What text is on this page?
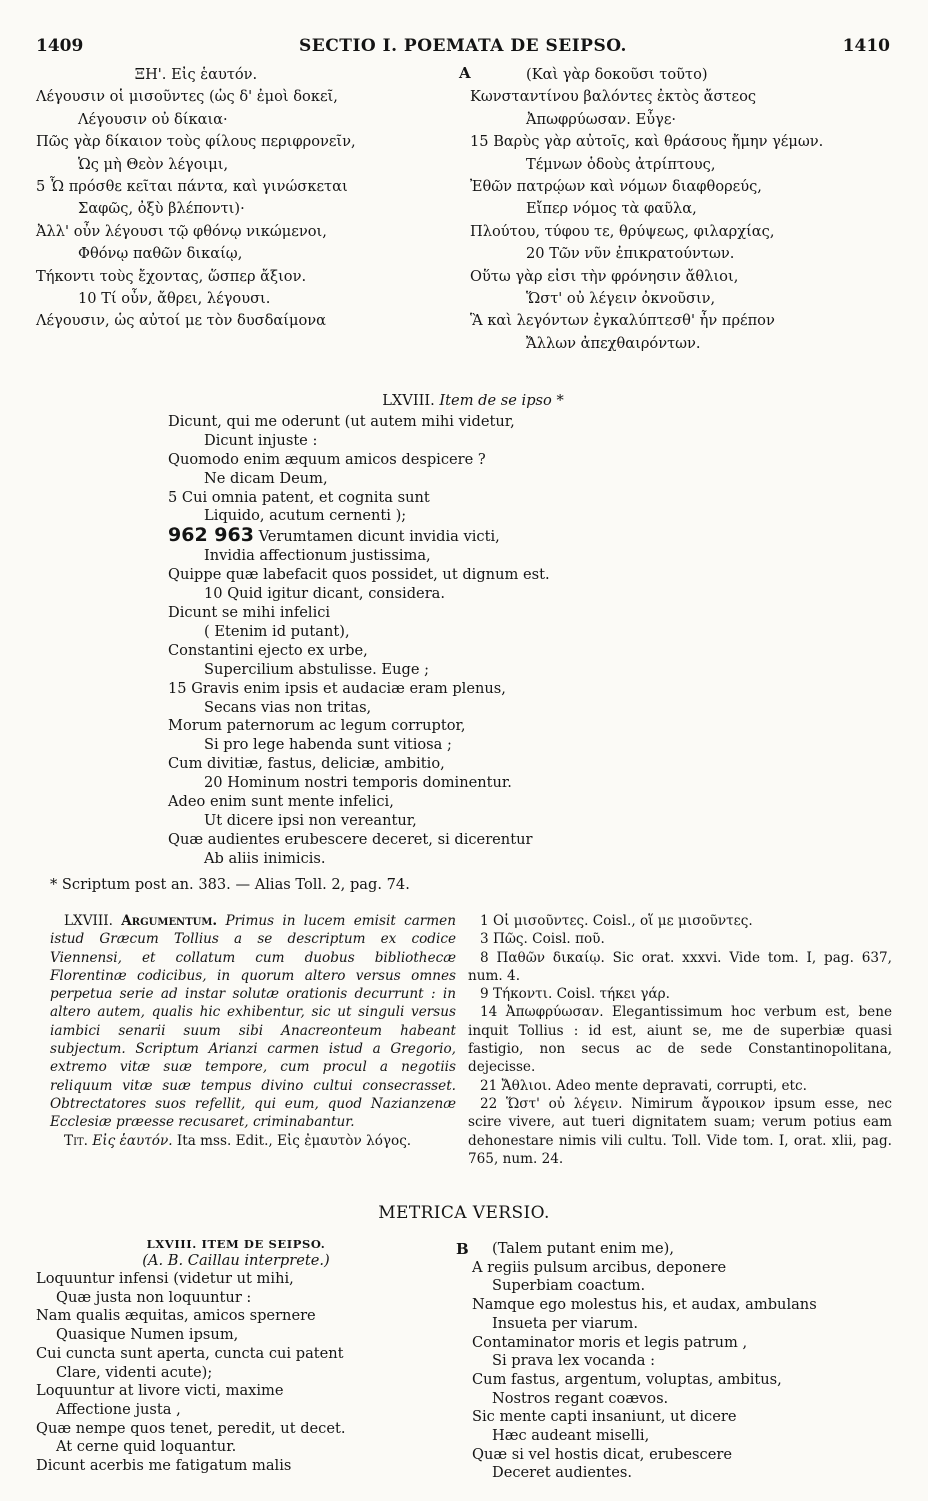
1409	SECTIO I. POEMATA DE SEIPSO.	1410
ΞΗ'. Εἰς ἑαυτόν.
Λέγουσιν οἱ μισοῦντες (ὡς δ' ἐμοὶ δοκεῖ,
Λέγουσιν οὐ δίκαια·
Πῶς γὰρ δίκαιον τοὺς φίλους περιφρονεῖν,
Ὡς μὴ Θεὸν λέγοιμι,
5 Ὧ πρόσθε κεῖται πάντα, καὶ γινώσκεται
Σαφῶς, ὀξὺ βλέποντι)·
Ἀλλ' οὖν λέγουσι τῷ φθόνῳ νικώμενοι,
Φθόνῳ παθῶν δικαίῳ,
Τήκοντι τοὺς ἔχοντας, ὥσπερ ἄξιον.
10 Τί οὖν, ἄθρει, λέγουσι.
Λέγουσιν, ὡς αὐτοί με τὸν δυσδαίμονα
A	(Καὶ γὰρ δοκοῦσι τοῦτο)
Κωνσταντίνου βαλόντες ἐκτὸς ἄστεος
Ἀπωφρύωσαν. Εὖγε·
15 Βαρὺς γὰρ αὐτοῖς, καὶ θράσους ἤμην γέμων.
Τέμνων ὁδοὺς ἀτρίπτους,
Ἐθῶν πατρῴων καὶ νόμων διαφθορεύς,
Εἴπερ νόμος τὰ φαῦλα,
Πλούτου, τύφου τε, θρύψεως, φιλαρχίας,
20 Τῶν νῦν ἐπικρατούντων.
Οὕτω γὰρ εἰσι τὴν φρόνησιν ἄθλιοι,
Ὥστ' οὐ λέγειν ὀκνοῦσιν,
Ἃ καὶ λεγόντων ἐγκαλύπτεσθ' ἦν πρέπον
Ἄλλων ἀπεχθαιρόντων.
LXVIII. Item de se ipso *
Dicunt, qui me oderunt (ut autem mihi videtur,
Dicunt injuste :
Quomodo enim æquum amicos despicere ?
Ne dicam Deum,
5 Cui omnia patent, et cognita sunt
Liquido, acutum cernenti );
962 963 Verumtamen dicunt invidia victi,
Invidia affectionum justissima,
Quippe quæ labefacit quos possidet, ut dignum est.
10 Quid igitur dicant, considera.
Dicunt se mihi infelici
( Etenim id putant),
Constantini ejecto ex urbe,
Supercilium abstulisse. Euge ;
15 Gravis enim ipsis et audaciæ eram plenus,
Secans vias non tritas,
Morum paternorum ac legum corruptor,
Si pro lege habenda sunt vitiosa ;
Cum divitiæ, fastus, deliciæ, ambitio,
20 Hominum nostri temporis dominentur.
Adeo enim sunt mente infelici,
Ut dicere ipsi non vereantur,
Quæ audientes erubescere deceret, si dicerentur
Ab aliis inimicis.
* Scriptum post an. 383. — Alias Toll. 2, pag. 74.
LXVIII. Argumentum. Primus in lucem emisit carmen istud Græcum Tollius a se descriptum ex codice Viennensi, et collatum cum duobus bibliothecæ Florentinæ codicibus, in quorum altero versus omnes perpetua serie ad instar solutæ orationis decurrunt : in altero autem, qualis hic exhibentur, sic ut singuli versus iambici senarii suum sibi Anacreonteum habeant subjectum. Scriptum Arianzi carmen istud a Gregorio, extremo vitæ suæ tempore, cum procul a negotiis reliquum vitæ suæ tempus divino cultui consecrasset. Obtrectatores suos refellit, qui eum, quod Nazianzenæ Ecclesiæ præesse recusaret, criminabantur.
Tit. Εἰς ἑαυτόν. Ita mss. Edit., Εἰς ἐμαυτὸν λόγος.
1 Οἱ μισοῦντες. Coisl., οἵ με μισοῦντες.
3 Πῶς. Coisl. ποῦ.
8 Παθῶν δικαίῳ. Sic orat. xxxvi. Vide tom. I, pag. 637, num. 4.
9 Τήκοντι. Coisl. τήκει γάρ.
14 Ἀπωφρύωσαν. Elegantissimum hoc verbum est, bene inquit Tollius : id est, aiunt se, me de superbiæ quasi fastigio, non secus ac de sede Constantinopolitana, dejecisse.
21 Ἄθλιοι. Adeo mente depravati, corrupti, etc.
22 Ὥστ' οὐ λέγειν. Nimirum ἄγροικον ipsum esse, nec scire vivere, aut tueri dignitatem suam; verum potius eam dehonestare nimis vili cultu. Toll. Vide tom. I, orat. xlii, pag. 765, num. 24.
METRICA VERSIO.
LXVIII. ITEM DE SEIPSO.
(A. B. Caillau interprete.)
Loquuntur infensi (videtur ut mihi,
Quæ justa non loquuntur :
Nam qualis æquitas, amicos spernere
Quasique Numen ipsum,
Cui cuncta sunt aperta, cuncta cui patent
Clare, videnti acute);
Loquuntur at livore victi, maxime
Affectione justa ,
Quæ nempe quos tenet, peredit, ut decet.
At cerne quid loquantur.
Dicunt acerbis me fatigatum malis
B	(Talem putant enim me),
A regiis pulsum arcibus, deponere
Superbiam coactum.
Namque ego molestus his, et audax, ambulans
Insueta per viarum.
Contaminator moris et legis patrum ,
Si prava lex vocanda :
Cum fastus, argentum, voluptas, ambitus,
Nostros regant coævos.
Sic mente capti insaniunt, ut dicere
Hæc audeant miselli,
Quæ si vel hostis dicat, erubescere
Deceret audientes.
